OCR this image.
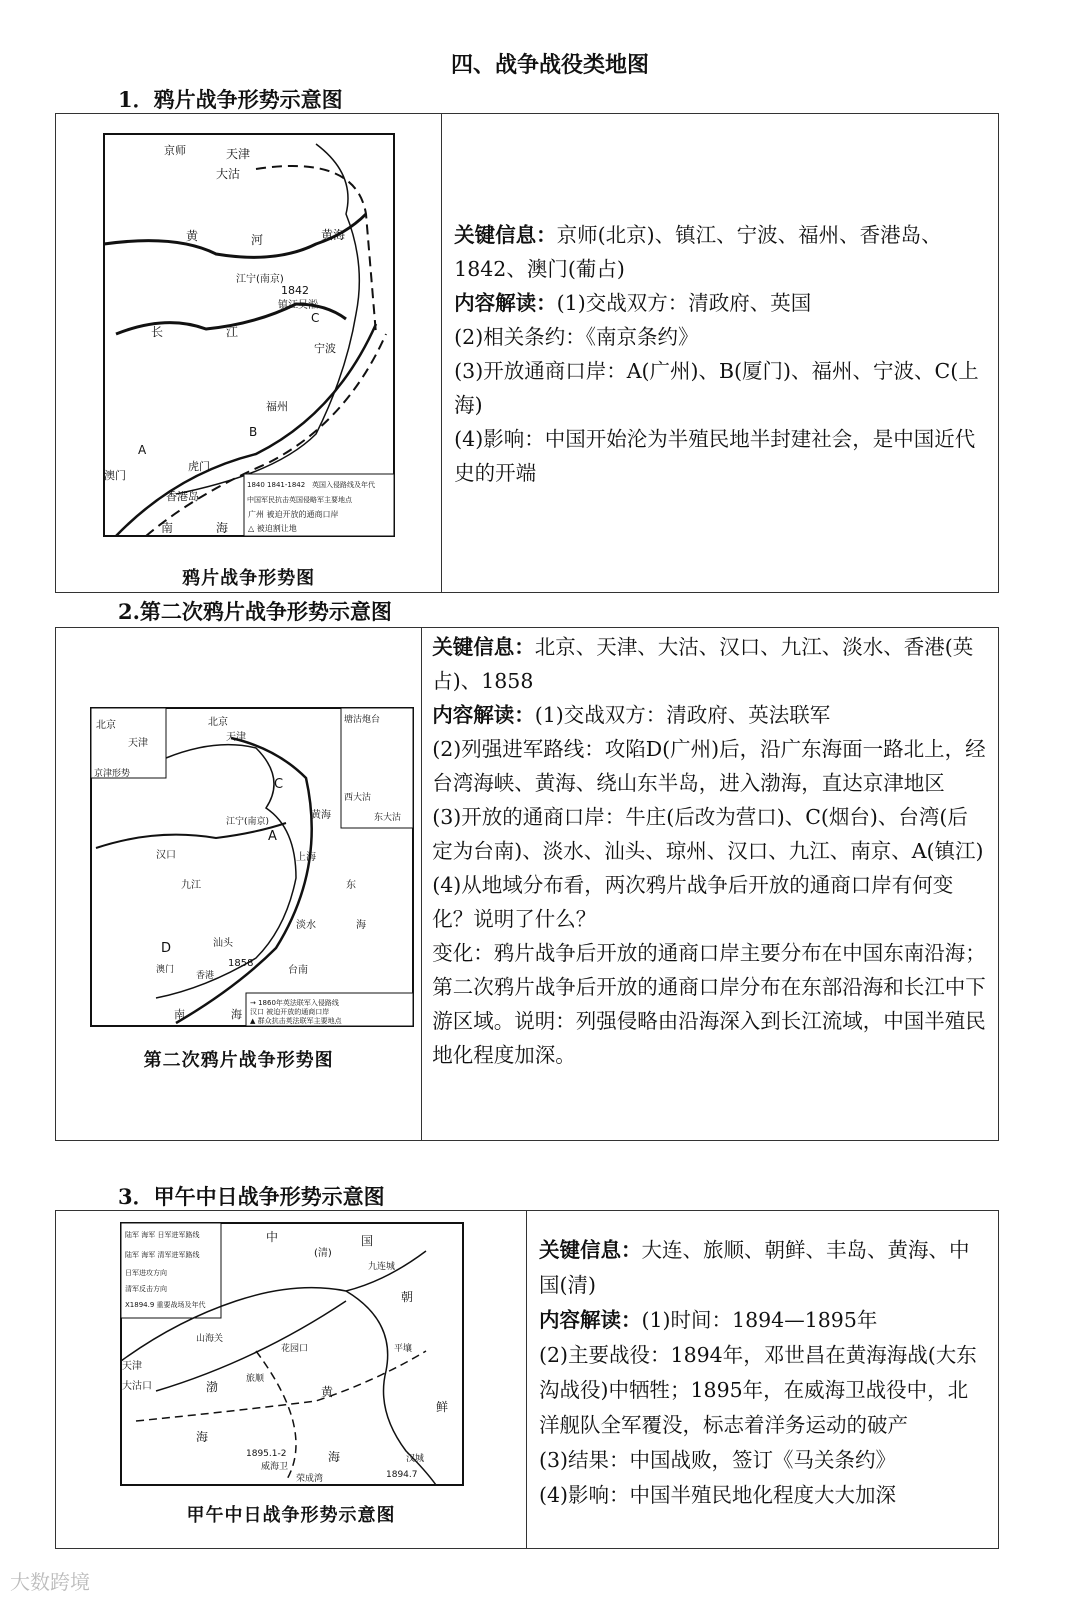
四、战争战役类地图
1．鸦片战争形势示意图
京师	天津
大沽
黄	河	黄海
江宁(南京)
1842
镇江吴淞
长	江
C
宁波
福州
B
A
澳门
虎门
香港岛
南	海
1840 1841-1842 英国入侵路线及年代
中国军民抗击英国侵略军主要地点
广州 被迫开放的通商口岸
△ 被迫割让地
鸦片战争形势图

关键信息：京师(北京)、镇江、宁波、福州、香港岛、1842、澳门(葡占)

内容解读：(1)交战双方：清政府、英国

(2)相关条约：《南京条约》

(3)开放通商口岸：A(广州)、B(厦门)、福州、宁波、C(上海)

(4)影响：中国开始沦为半殖民地半封建社会，是中国近代史的开端

2.第二次鸦片战争形势示意图
北京
天津
京津形势
北京
天津
塘沽炮台
西大沽
东大沽
C
汉口
九江
江宁(南京)
A
上海
黄海
东
海
D	汕头
淡水
台南
澳门
香港
1858
南	海
→ 1860年英法联军入侵路线
汉口 被迫开放的通商口岸
▲ 群众抗击英法联军主要地点
第二次鸦片战争形势图

关键信息：北京、天津、大沽、汉口、九江、淡水、香港(英占)、1858

内容解读：(1)交战双方：清政府、英法联军

(2)列强进军路线：攻陷D(广州)后，沿广东海面一路北上，经台湾海峡、黄海、绕山东半岛，进入渤海，直达京津地区

(3)开放的通商口岸：牛庄(后改为营口)、C(烟台)、台湾(后定为台南)、淡水、汕头、琼州、汉口、九江、南京、A(镇江)

(4)从地域分布看，两次鸦片战争后开放的通商口岸有何变化？说明了什么？

变化：鸦片战争后开放的通商口岸主要分布在中国东南沿海；第二次鸦片战争后开放的通商口岸分布在东部沿海和长江中下游区域。说明：列强侵略由沿海深入到长江流域，中国半殖民地化程度加深。

3．甲午中日战争形势示意图
陆军 海军 日军进军路线
陆军 海军 清军进军路线
日军进攻方向
清军反击方向
X1894.9 重要战场及年代
中	国
(清)
九连城
朝
鲜
天津
山海关
大沽口	渤
海
旅顺
花园口
黄
海
平壤
汉城
1895.1-2
威海卫
荣成湾	1894.7
甲午中日战争形势示意图

关键信息：大连、旅顺、朝鲜、丰岛、黄海、中国(清)

内容解读：(1)时间：1894—1895年

(2)主要战役：1894年，邓世昌在黄海海战(大东沟战役)中牺牲；1895年，在威海卫战役中，北洋舰队全军覆没，标志着洋务运动的破产

(3)结果：中国战败，签订《马关条约》

(4)影响：中国半殖民地化程度大大加深

大数跨境
